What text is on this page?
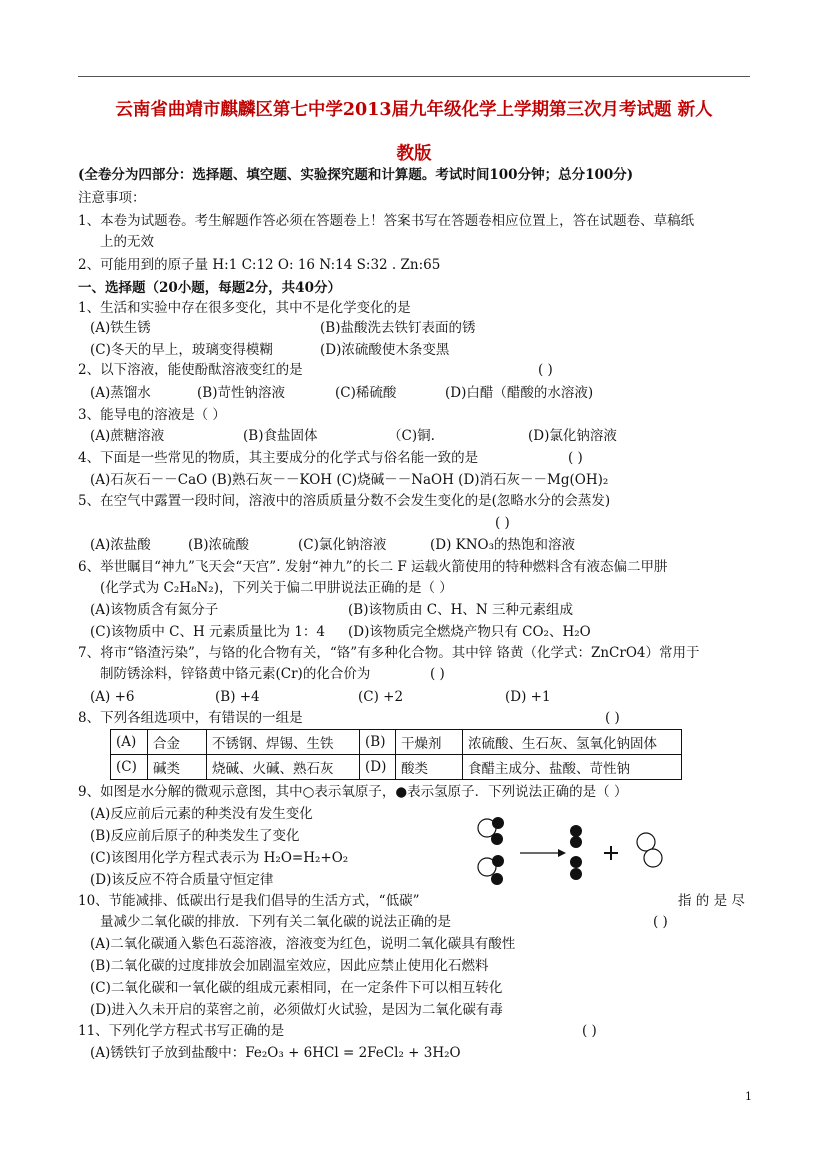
云南省曲靖市麒麟区第七中学2013届九年级化学上学期第三次月考试题 新人
教版
(全卷分为四部分：选择题、填空题、实验探究题和计算题。考试时间100分钟；总分100分)
注意事项：
1、本卷为试题卷。考生解题作答必须在答题卷上！答案书写在答题卷相应位置上，答在试题卷、草稿纸
上的无效
2、可能用到的原子量 H:1 C:12 O: 16 N:14 S:32 . Zn:65
一、选择题（20小题，每题2分，共40分）
1、生活和实验中存在很多变化，其中不是化学变化的是
(A)铁生锈	(B)盐酸洗去铁钉表面的锈
(C)冬天的早上，玻璃变得模糊	(D)浓硫酸使木条变黑
2、以下溶液，能使酚酞溶液变红的是	( )
(A)蒸馏水	(B)苛性钠溶液	(C)稀硫酸	(D)白醋（醋酸的水溶液)
3、能导电的溶液是（ ）
(A)蔗糖溶液	(B)食盐固体	（C)铜.	(D)氯化钠溶液
4、下面是一些常见的物质，其主要成分的化学式与俗名能一致的是	( )
(A)石灰石－－CaO (B)熟石灰－－KOH (C)烧碱－－NaOH (D)消石灰－－Mg(OH)₂
5、在空气中露置一段时间，溶液中的溶质质量分数不会发生变化的是(忽略水分的会蒸发)
( )
(A)浓盐酸	(B)浓硫酸	(C)氯化钠溶液	(D) KNO₃的热饱和溶液
6、举世瞩目“神九”飞天会“天宫”. 发射“神九”的长二 F 运载火箭使用的特种燃料含有液态偏二甲肼
(化学式为 C₂H₈N₂)，下列关于偏二甲肼说法正确的是（ ）
(A)该物质含有氮分子	(B)该物质由 C、H、N 三种元素组成
(C)该物质中 C、H 元素质量比为 1：4 (D)该物质完全燃烧产物只有 CO₂、H₂O
7、将市“铬渣污染”，与铬的化合物有关，“铬”有多种化合物。其中锌 铬黄（化学式：ZnCrO4）常用于
制防锈涂料，锌铬黄中铬元素(Cr)的化合价为	( )
(A) +6	(B) +4	(C) +2	(D) +1
8、下列各组选项中，有错误的一组是	( )
(A)	合金	不锈钢、焊锡、生铁	(B)	干燥剂	浓硫酸、生石灰、氢氧化钠固体
(C)	碱类	烧碱、火碱、熟石灰	(D)	酸类	食醋主成分、盐酸、苛性钠
9、如图是水分解的微观示意图，其中○表示氧原子，●表示氢原子．下列说法正确的是（ ）
(A)反应前后元素的种类没有发生变化
(B)反应前后原子的种类发生了变化
(C)该图用化学方程式表示为 H₂O=H₂+O₂
(D)该反应不符合质量守恒定律
10、节能减排、低碳出行是我们倡导的生活方式，“低碳”	指 的 是 尽
量减少二氧化碳的排放．下列有关二氧化碳的说法正确的是	( )
(A)二氧化碳通入紫色石蕊溶液，溶液变为红色，说明二氧化碳具有酸性
(B)二氧化碳的过度排放会加剧温室效应，因此应禁止使用化石燃料
(C)二氧化碳和一氧化碳的组成元素相同，在一定条件下可以相互转化
(D)进入久未开启的菜窖之前，必须做灯火试验，是因为二氧化碳有毒
11、下列化学方程式书写正确的是	( )
(A)锈铁钉子放到盐酸中：Fe₂O₃ + 6HCl = 2FeCl₂ + 3H₂O
1
